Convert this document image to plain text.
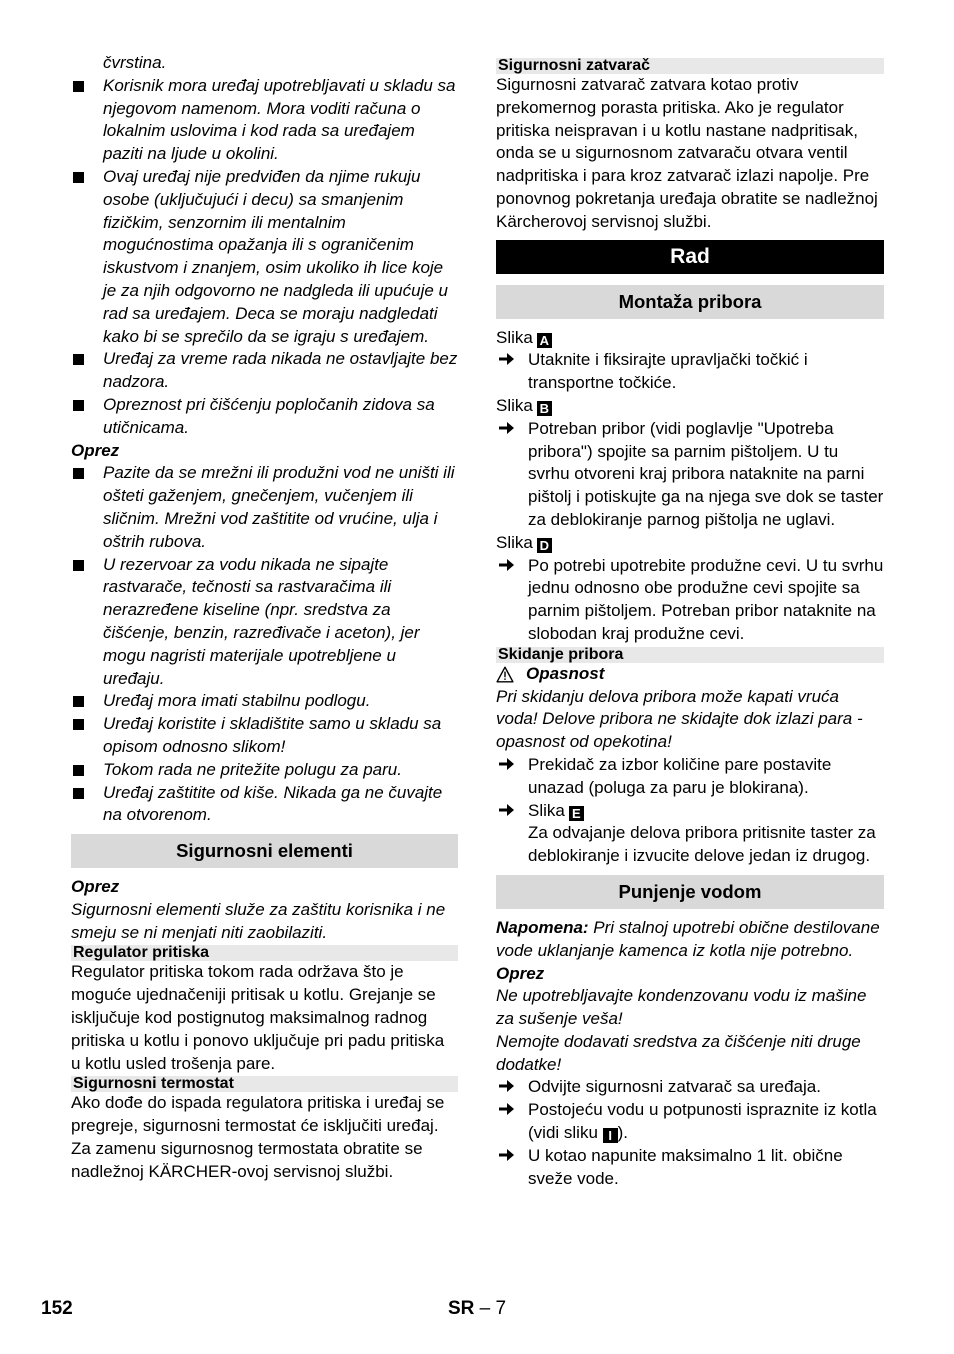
čvrstina.

Korisnik mora uređaj upotrebljavati u skladu sa njegovom namenom. Mora voditi računa o lokalnim uslovima i kod rada sa uređajem paziti na ljude u okolini.
Ovaj uređaj nije predviđen da njime rukuju osobe (uključujući i decu) sa smanjenim fizičkim, senzornim ili mentalnim mogućnostima opažanja ili s ograničenim iskustvom i znanjem, osim ukoliko ih lice koje je za njih odgovorno ne nadgleda ili upućuje u rad sa uređajem. Deca se moraju nadgledati kako bi se sprečilo da se igraju s uređajem.
Uređaj za vreme rada nikada ne ostavljajte bez nadzora.
Opreznost pri čišćenju popločanih zidova sa utičnicama.

Oprez

Pazite da se mrežni ili produžni vod ne uništi ili ošteti gaženjem, gnečenjem, vučenjem ili sličnim. Mrežni vod zaštitite od vrućine, ulja i oštrih rubova.
U rezervoar za vodu nikada ne sipajte rastvarače, tečnosti sa rastvaračima ili nerazređene kiseline (npr. sredstva za čišćenje, benzin, razređivače i aceton), jer mogu nagristi materijale upotrebljene u uređaju.
Uređaj mora imati stabilnu podlogu.
Uređaj koristite i skladištite samo u skladu sa opisom odnosno slikom!
Tokom rada ne pritežite polugu za paru.
Uređaj zaštitite od kiše. Nikada ga ne čuvajte na otvorenom.
Sigurnosni elementi

Oprez

Sigurnosni elementi služe za zaštitu korisnika i ne smeju se ni menjati niti zaobilaziti.

Regulator pritiska

Regulator pritiska tokom rada održava što je moguće ujednačeniji pritisak u kotlu. Grejanje se isključuje kod postignutog maksimalnog radnog pritiska u kotlu i ponovo uključuje pri padu pritiska u kotlu usled trošenja pare.

Sigurnosni termostat

Ako dođe do ispada regulatora pritiska i uređaj se pregreje, sigurnosni termostat će isključiti uređaj. Za zamenu sigurnosnog termostata obratite se nadležnoj KÄRCHER-ovoj servisnoj službi.

Sigurnosni zatvarač

Sigurnosni zatvarač zatvara kotao protiv prekomernog porasta pritiska. Ako je regulator pritiska neispravan i u kotlu nastane nadpritisak, onda se u sigurnosnom zatvaraču otvara ventil nadpritiska i para kroz zatvarač izlazi napolje. Pre ponovnog pokretanja uređaja obratite se nadležnoj Kärcherovoj servisnoj službi.

Rad
Montaža pribora

Slika A

Utaknite i fiksirajte upravljački točkić i transportne točkiće.

Slika B

Potreban pribor (vidi poglavlje "Upotreba pribora") spojite sa parnim pištoljem. U tu svrhu otvoreni kraj pribora nataknite na parni pištolj i potiskujte ga na njega sve dok se taster za deblokiranje parnog pištolja ne uglavi.

Slika D

Po potrebi upotrebite produžne cevi. U tu svrhu jednu odnosno obe produžne cevi spojite sa parnim pištoljem. Potreban pribor nataknite na slobodan kraj produžne cevi.
Skidanje pribora
Opasnost

Pri skidanju delova pribora može kapati vruća voda! Delove pribora ne skidajte dok izlazi para - opasnost od opekotina!

Prekidač za izbor količine pare postavite unazad (poluga za paru je blokirana).
Slika E
Za odvajanje delova pribora pritisnite taster za deblokiranje i izvucite delove jedan iz drugog.
Punjenje vodom

Napomena: Pri stalnoj upotrebi obične destilovane vode uklanjanje kamenca iz kotla nije potrebno.

Oprez

Ne upotrebljavajte kondenzovanu vodu iz mašine za sušenje veša!

Nemojte dodavati sredstva za čišćenje niti druge dodatke!

Odvijte sigurnosni zatvarač sa uređaja.
Postojeću vodu u potpunosti ispraznite iz kotla (vidi sliku I ).
U kotao napunite maksimalno 1 lit. obične sveže vode.
152	SR – 7
